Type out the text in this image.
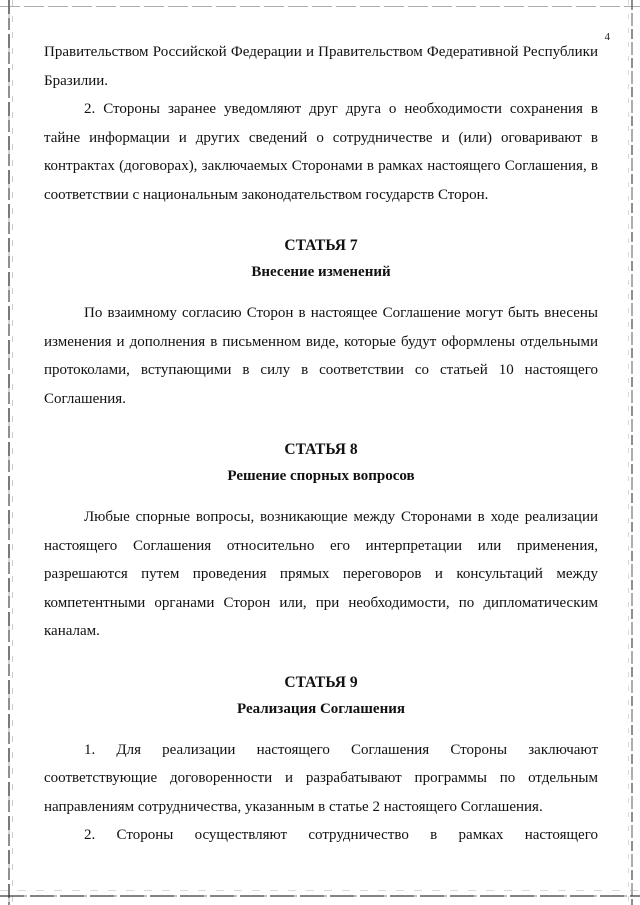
4

Правительством Российской Федерации и Правительством Федеративной Республики Бразилии.

2. Стороны заранее уведомляют друг друга о необходимости сохранения в тайне информации и других сведений о сотрудничестве и (или) оговаривают в контрактах (договорах), заключаемых Сторонами в рамках настоящего Соглашения, в соответствии с национальным законодательством государств Сторон.

СТАТЬЯ 7
Внесение изменений

По взаимному согласию Сторон в настоящее Соглашение могут быть внесены изменения и дополнения в письменном виде, которые будут оформлены отдельными протоколами, вступающими в силу в соответствии со статьей 10 настоящего Соглашения.

СТАТЬЯ 8
Решение спорных вопросов

Любые спорные вопросы, возникающие между Сторонами в ходе реализации настоящего Соглашения относительно его интерпретации или применения, разрешаются путем проведения прямых переговоров и консультаций между компетентными органами Сторон или, при необходимости, по дипломатическим каналам.

СТАТЬЯ 9
Реализация Соглашения

1. Для реализации настоящего Соглашения Стороны заключают соответствующие договоренности и разрабатывают программы по отдельным направлениям сотрудничества, указанным в статье 2 настоящего Соглашения.

2. Стороны осуществляют сотрудничество в рамках настоящего
